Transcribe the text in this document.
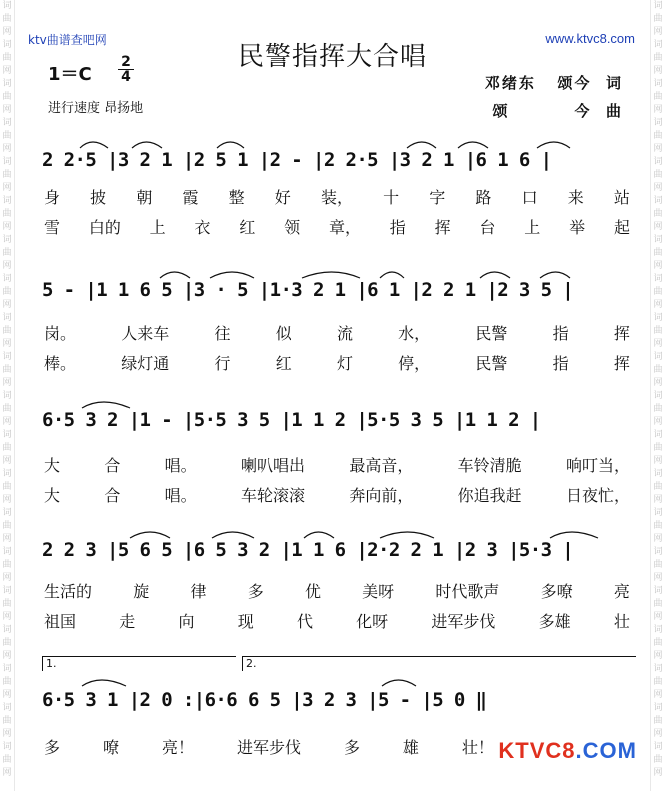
词曲网词曲网词曲网词曲网词曲网词曲网词曲网词曲网词曲网词曲网词曲网词曲网词曲网词曲网词曲网词曲网词曲网词曲网词曲网词曲网
词曲网词曲网词曲网词曲网词曲网词曲网词曲网词曲网词曲网词曲网词曲网词曲网词曲网词曲网词曲网词曲网词曲网词曲网词曲网词曲网
ktv曲谱查吧网	www.ktvc8.com
民警指挥大合唱
1＝C
2
4
进行速度 昂扬地
邓绪东   颂今  词
颂         今  曲
2 2·5 |3 2 1 |2 5 1 |2 - |2 2·5 |3 2 1 |6 1 6 |
身 披 朝 霞 整 好 装， 十 字 路 口 来 站
雪 白的 上 衣 红 领 章， 指 挥 台 上 举 起
5 - |1 1 6 5 |3 · 5 |1·3 2 1 |6 1 |2 2 1 |2 3 5 |
岗。	人来车	往	似	流	水，	民警	指	挥
棒。	绿灯通	行	红	灯	停，	民警	指	挥
6·5 3 2 |1 - |5·5 3 5 |1 1 2 |5·5 3 5 |1 1 2 |
大	合	唱。	喇叭唱出	最高音，	车铃清脆	响叮当，
大	合	唱。	车轮滚滚	奔向前，	你追我赶	日夜忙，
2 2 3 |5 6 5 |6 5 3 2 |1 1 6 |2·2 2 1 |2 3 |5·3 |
生活的	旋	律	多	优	美呀	时代歌声	多嘹	亮
祖国	走	向	现	代	化呀	进军步伐	多雄	壮
1.	2.
6·5 3 1 |2 0 :|6·6 6 5 |3 2 3 |5 - |5 0 ‖
多	嘹	亮！	进军步伐	多	雄	壮！ KTVC8.COM
